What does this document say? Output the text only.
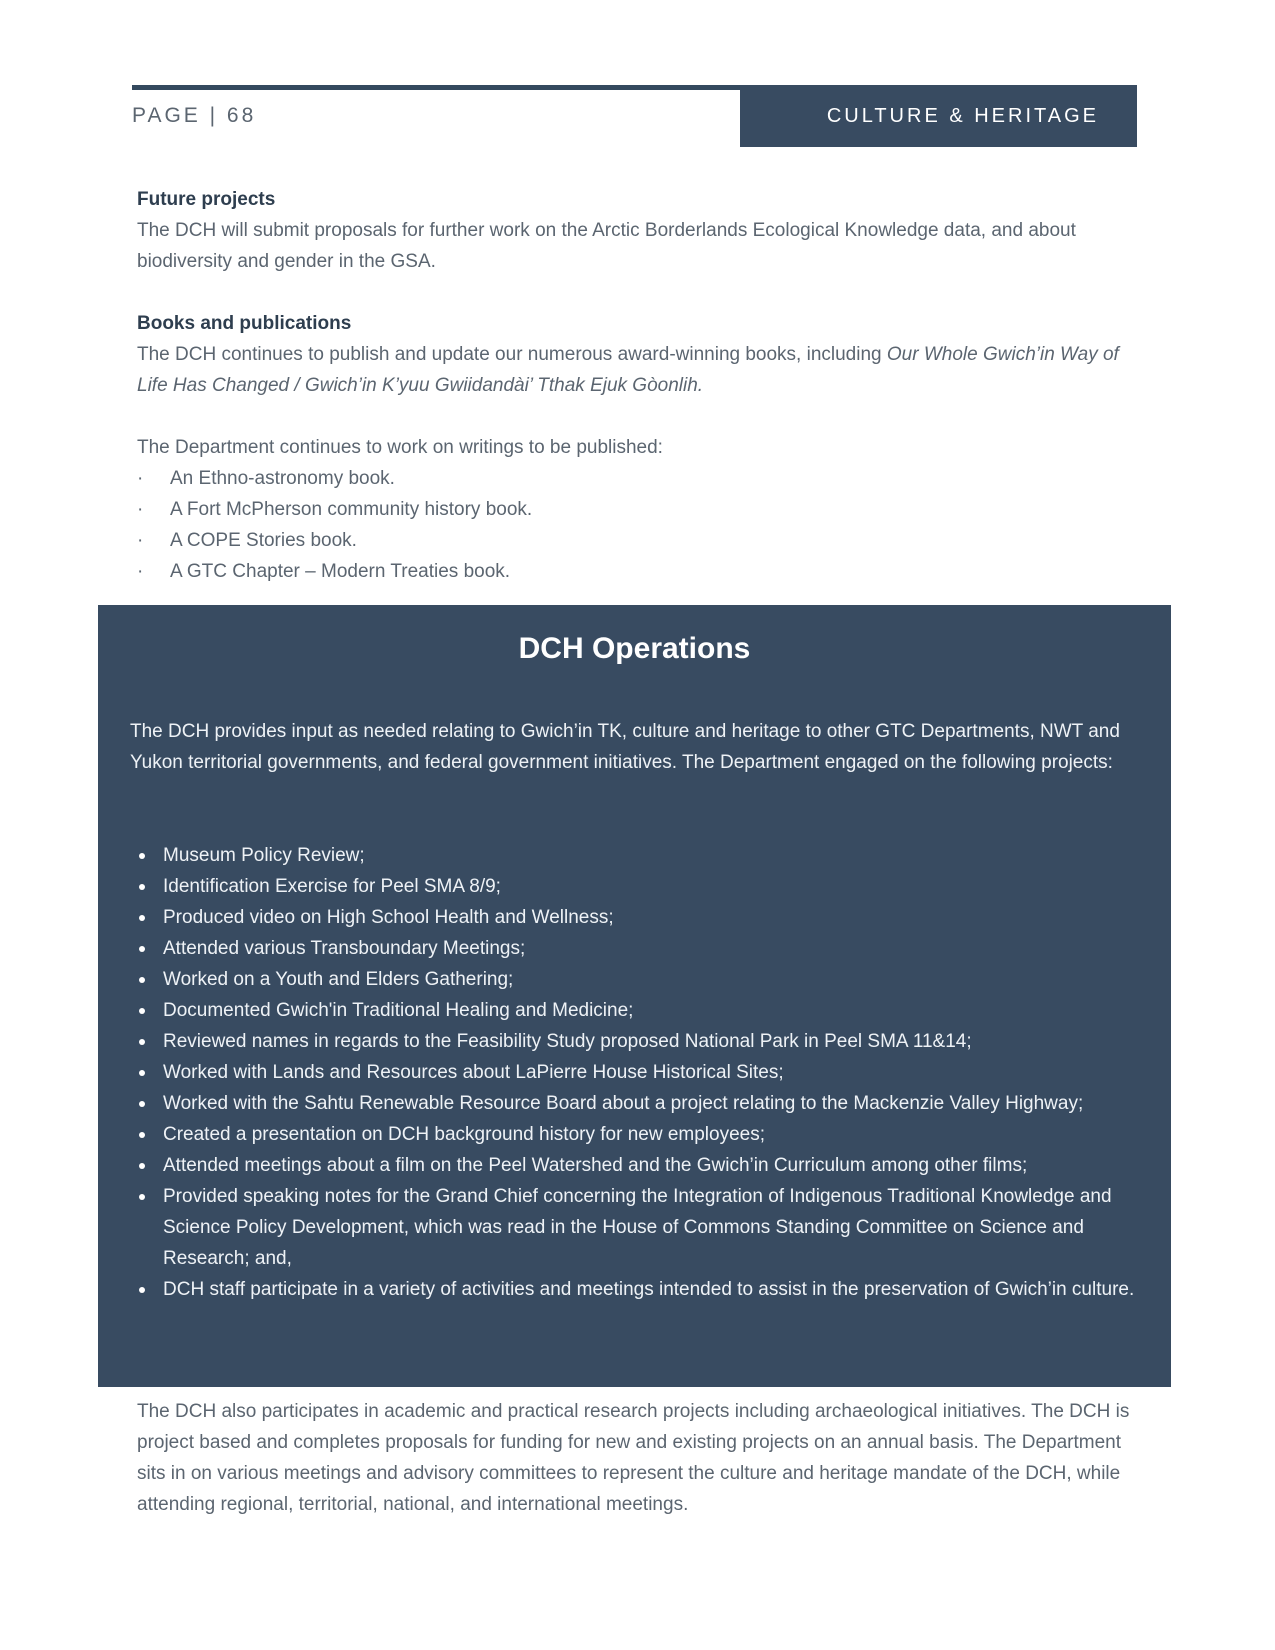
PAGE | 68	CULTURE & HERITAGE
Future projects

The DCH will submit proposals for further work on the Arctic Borderlands Ecological Knowledge data, and about biodiversity and gender in the GSA.

Books and publications

The DCH continues to publish and update our numerous award-winning books, including Our Whole Gwich’in Way of Life Has Changed / Gwich’in K’yuu Gwiidandài’ Tthak Ejuk Gòonlih.

The Department continues to work on writings to be published:

· An Ethno-astronomy book.
· A Fort McPherson community history book.
· A COPE Stories book.
· A GTC Chapter – Modern Treaties book.
DCH Operations

The DCH provides input as needed relating to Gwich’in TK, culture and heritage to other GTC Departments, NWT and Yukon territorial governments, and federal government initiatives. The Department engaged on the following projects:

Museum Policy Review;
Identification Exercise for Peel SMA 8/9;
Produced video on High School Health and Wellness;
Attended various Transboundary Meetings;
Worked on a Youth and Elders Gathering;
Documented Gwich'in Traditional Healing and Medicine;
Reviewed names in regards to the Feasibility Study proposed National Park in Peel SMA 11&14;
Worked with Lands and Resources about LaPierre House Historical Sites;
Worked with the Sahtu Renewable Resource Board about a project relating to the Mackenzie Valley Highway;
Created a presentation on DCH background history for new employees;
Attended meetings about a film on the Peel Watershed and the Gwich’in Curriculum among other films;
Provided speaking notes for the Grand Chief concerning the Integration of Indigenous Traditional Knowledge and Science Policy Development, which was read in the House of Commons Standing Committee on Science and Research; and,
DCH staff participate in a variety of activities and meetings intended to assist in the preservation of Gwich’in culture.

The DCH also participates in academic and practical research projects including archaeological initiatives. The DCH is project based and completes proposals for funding for new and existing projects on an annual basis. The Department sits in on various meetings and advisory committees to represent the culture and heritage mandate of the DCH, while attending regional, territorial, national, and international meetings.
